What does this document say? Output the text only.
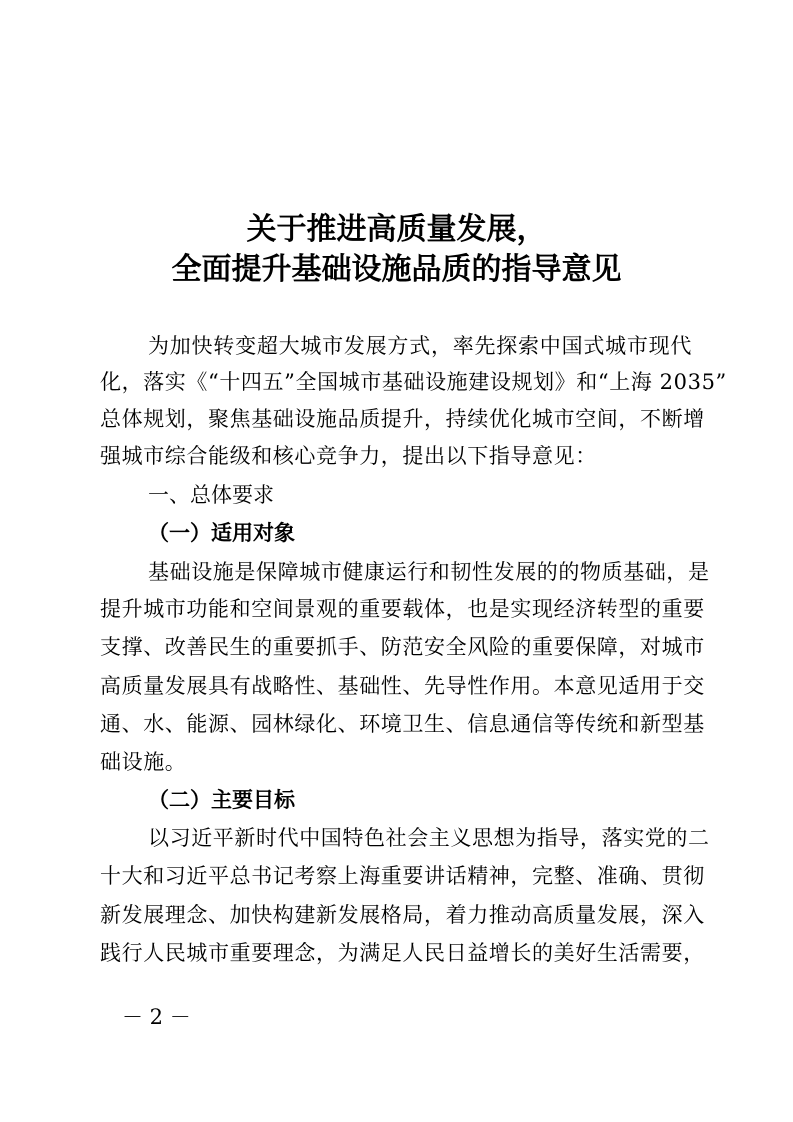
关于推进高质量发展，
全面提升基础设施品质的指导意见
为加快转变超大城市发展方式，率先探索中国式城市现代
化，落实《“十四五”全国城市基础设施建设规划》和“上海 2035”
总体规划，聚焦基础设施品质提升，持续优化城市空间，不断增
强城市综合能级和核心竞争力，提出以下指导意见：
一、总体要求
（一）适用对象
基础设施是保障城市健康运行和韧性发展的的物质基础，是
提升城市功能和空间景观的重要载体，也是实现经济转型的重要
支撑、改善民生的重要抓手、防范安全风险的重要保障，对城市
高质量发展具有战略性、基础性、先导性作用。本意见适用于交
通、水、能源、园林绿化、环境卫生、信息通信等传统和新型基
础设施。
（二）主要目标
以习近平新时代中国特色社会主义思想为指导，落实党的二
十大和习近平总书记考察上海重要讲话精神，完整、准确、贯彻
新发展理念、加快构建新发展格局，着力推动高质量发展，深入
践行人民城市重要理念，为满足人民日益增长的美好生活需要，
－ 2 －
